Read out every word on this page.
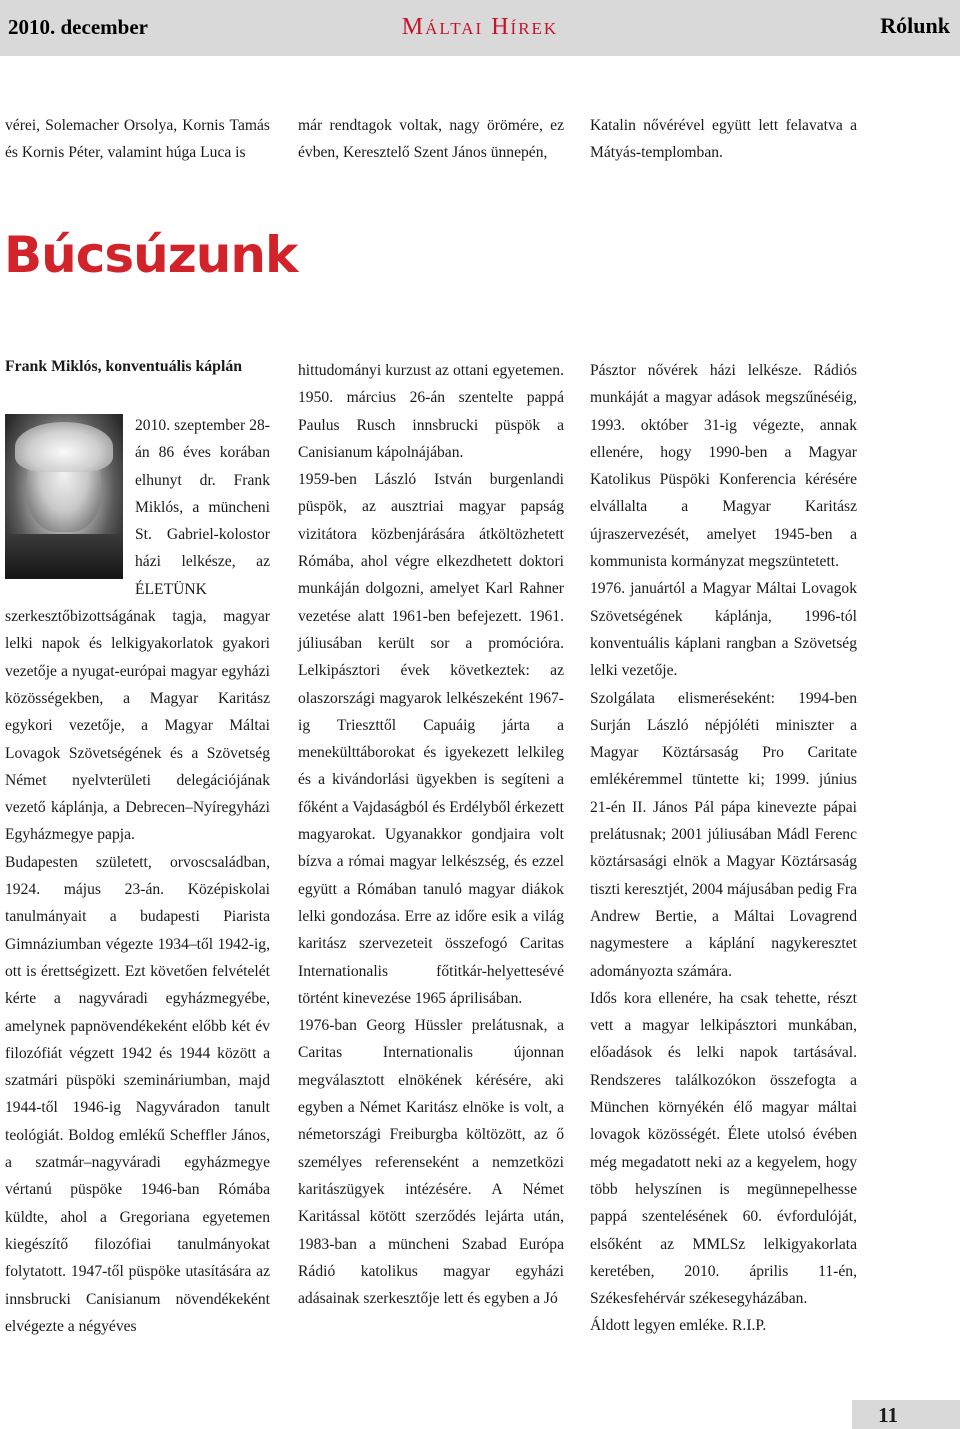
2010. december	Máltai Hírek	Rólunk

vérei, Solemacher Orsolya, Kornis Tamás és Kornis Péter, valamint húga Luca is

már rendtagok voltak, nagy örömére, ez évben, Keresztelő Szent János ünnepén,

Katalin nővérével együtt lett felavatva a Mátyás-templomban.

Búcsúzunk
Frank Miklós, konventuális káplán

2010. szeptember 28-án 86 éves korában elhunyt dr. Frank Miklós, a müncheni St. Gabriel-kolostor házi lelkésze, az ÉLETÜNK szerkesztőbizottságának tagja, magyar lelki napok és lelkigyakorlatok gyakori vezetője a nyugat-európai magyar egyházi közösségekben, a Magyar Karitász egykori vezetője, a Magyar Máltai Lovagok Szövetségének és a Szövetség Német nyelvterületi delegációjának vezető káplánja, a Debrecen–Nyíregyházi Egyházmegye papja.

Budapesten született, orvoscsaládban, 1924. május 23-án. Középiskolai tanulmányait a budapesti Piarista Gimnáziumban végezte 1934–től 1942-ig, ott is érettségizett. Ezt követően felvételét kérte a nagyváradi egyházmegyébe, amelynek papnövendékeként előbb két év filozófiát végzett 1942 és 1944 között a szatmári püspöki szemináriumban, majd 1944-től 1946-ig Nagyváradon tanult teológiát. Boldog emlékű Scheffler János, a szatmár–nagyváradi egyházmegye vértanú püspöke 1946-ban Rómába küldte, ahol a Gregoriana egyetemen kiegészítő filozófiai tanulmányokat folytatott. 1947-től püspöke utasítására az innsbrucki Canisianum növendékeként elvégezte a négyéves

hittudományi kurzust az ottani egyetemen. 1950. március 26-án szentelte pappá Paulus Rusch innsbrucki püspök a Canisianum kápolnájában.

1959-ben László István burgenlandi püspök, az ausztriai magyar papság vizitátora közbenjárására átköltözhetett Rómába, ahol végre elkezdhetett doktori munkáján dolgozni, amelyet Karl Rahner vezetése alatt 1961-ben befejezett. 1961. júliusában került sor a promócióra. Lelkipásztori évek következtek: az olaszországi magyarok lelkészeként 1967-ig Trieszttől Capuáig járta a menekülttáborokat és igyekezett lelkileg és a kivándorlási ügyekben is segíteni a főként a Vajdaságból és Erdélyből érkezett magyarokat. Ugyanakkor gondjaira volt bízva a római magyar lelkészség, és ezzel együtt a Rómában tanuló magyar diákok lelki gondozása. Erre az időre esik a világ karitász szervezeteit összefogó Caritas Internationalis főtitkár-helyettesévé történt kinevezése 1965 áprilisában.

1976-ban Georg Hüssler prelátusnak, a Caritas Internationalis újonnan megválasztott elnökének kérésére, aki egyben a Német Karitász elnöke is volt, a németországi Freiburgba költözött, az ő személyes referenseként a nemzetközi karitászügyek intézésére. A Német Karitással kötött szerződés lejárta után, 1983-ban a müncheni Szabad Európa Rádió katolikus magyar egyházi adásainak szerkesztője lett és egyben a Jó

Pásztor nővérek házi lelkésze. Rádiós munkáját a magyar adások megszűnéséig, 1993. október 31-ig végezte, annak ellenére, hogy 1990-ben a Magyar Katolikus Püspöki Konferencia kérésére elvállalta a Magyar Karitász újraszervezését, amelyet 1945-ben a kommunista kormányzat megszüntetett.

1976. januártól a Magyar Máltai Lovagok Szövetségének káplánja, 1996-tól konventuális káplani rangban a Szövetség lelki vezetője.

Szolgálata elismeréseként: 1994-ben Surján László népjóléti miniszter a Magyar Köztársaság Pro Caritate emlékéremmel tüntette ki; 1999. június 21-én II. János Pál pápa kinevezte pápai prelátusnak; 2001 júliusában Mádl Ferenc köztársasági elnök a Magyar Köztársaság tiszti keresztjét, 2004 májusában pedig Fra Andrew Bertie, a Máltai Lovagrend nagymestere a káplání nagykeresztet adományozta számára.

Idős kora ellenére, ha csak tehette, részt vett a magyar lelkipásztori munkában, előadások és lelki napok tartásával. Rendszeres találkozókon összefogta a München környékén élő magyar máltai lovagok közösségét. Élete utolsó évében még megadatott neki az a kegyelem, hogy több helyszínen is megünnepelhesse pappá szentelésének 60. évfordulóját, elsőként az MMLSz lelkigyakorlata keretében, 2010. április 11-én, Székesfehérvár székesegyházában.

Áldott legyen emléke. R.I.P.

11
